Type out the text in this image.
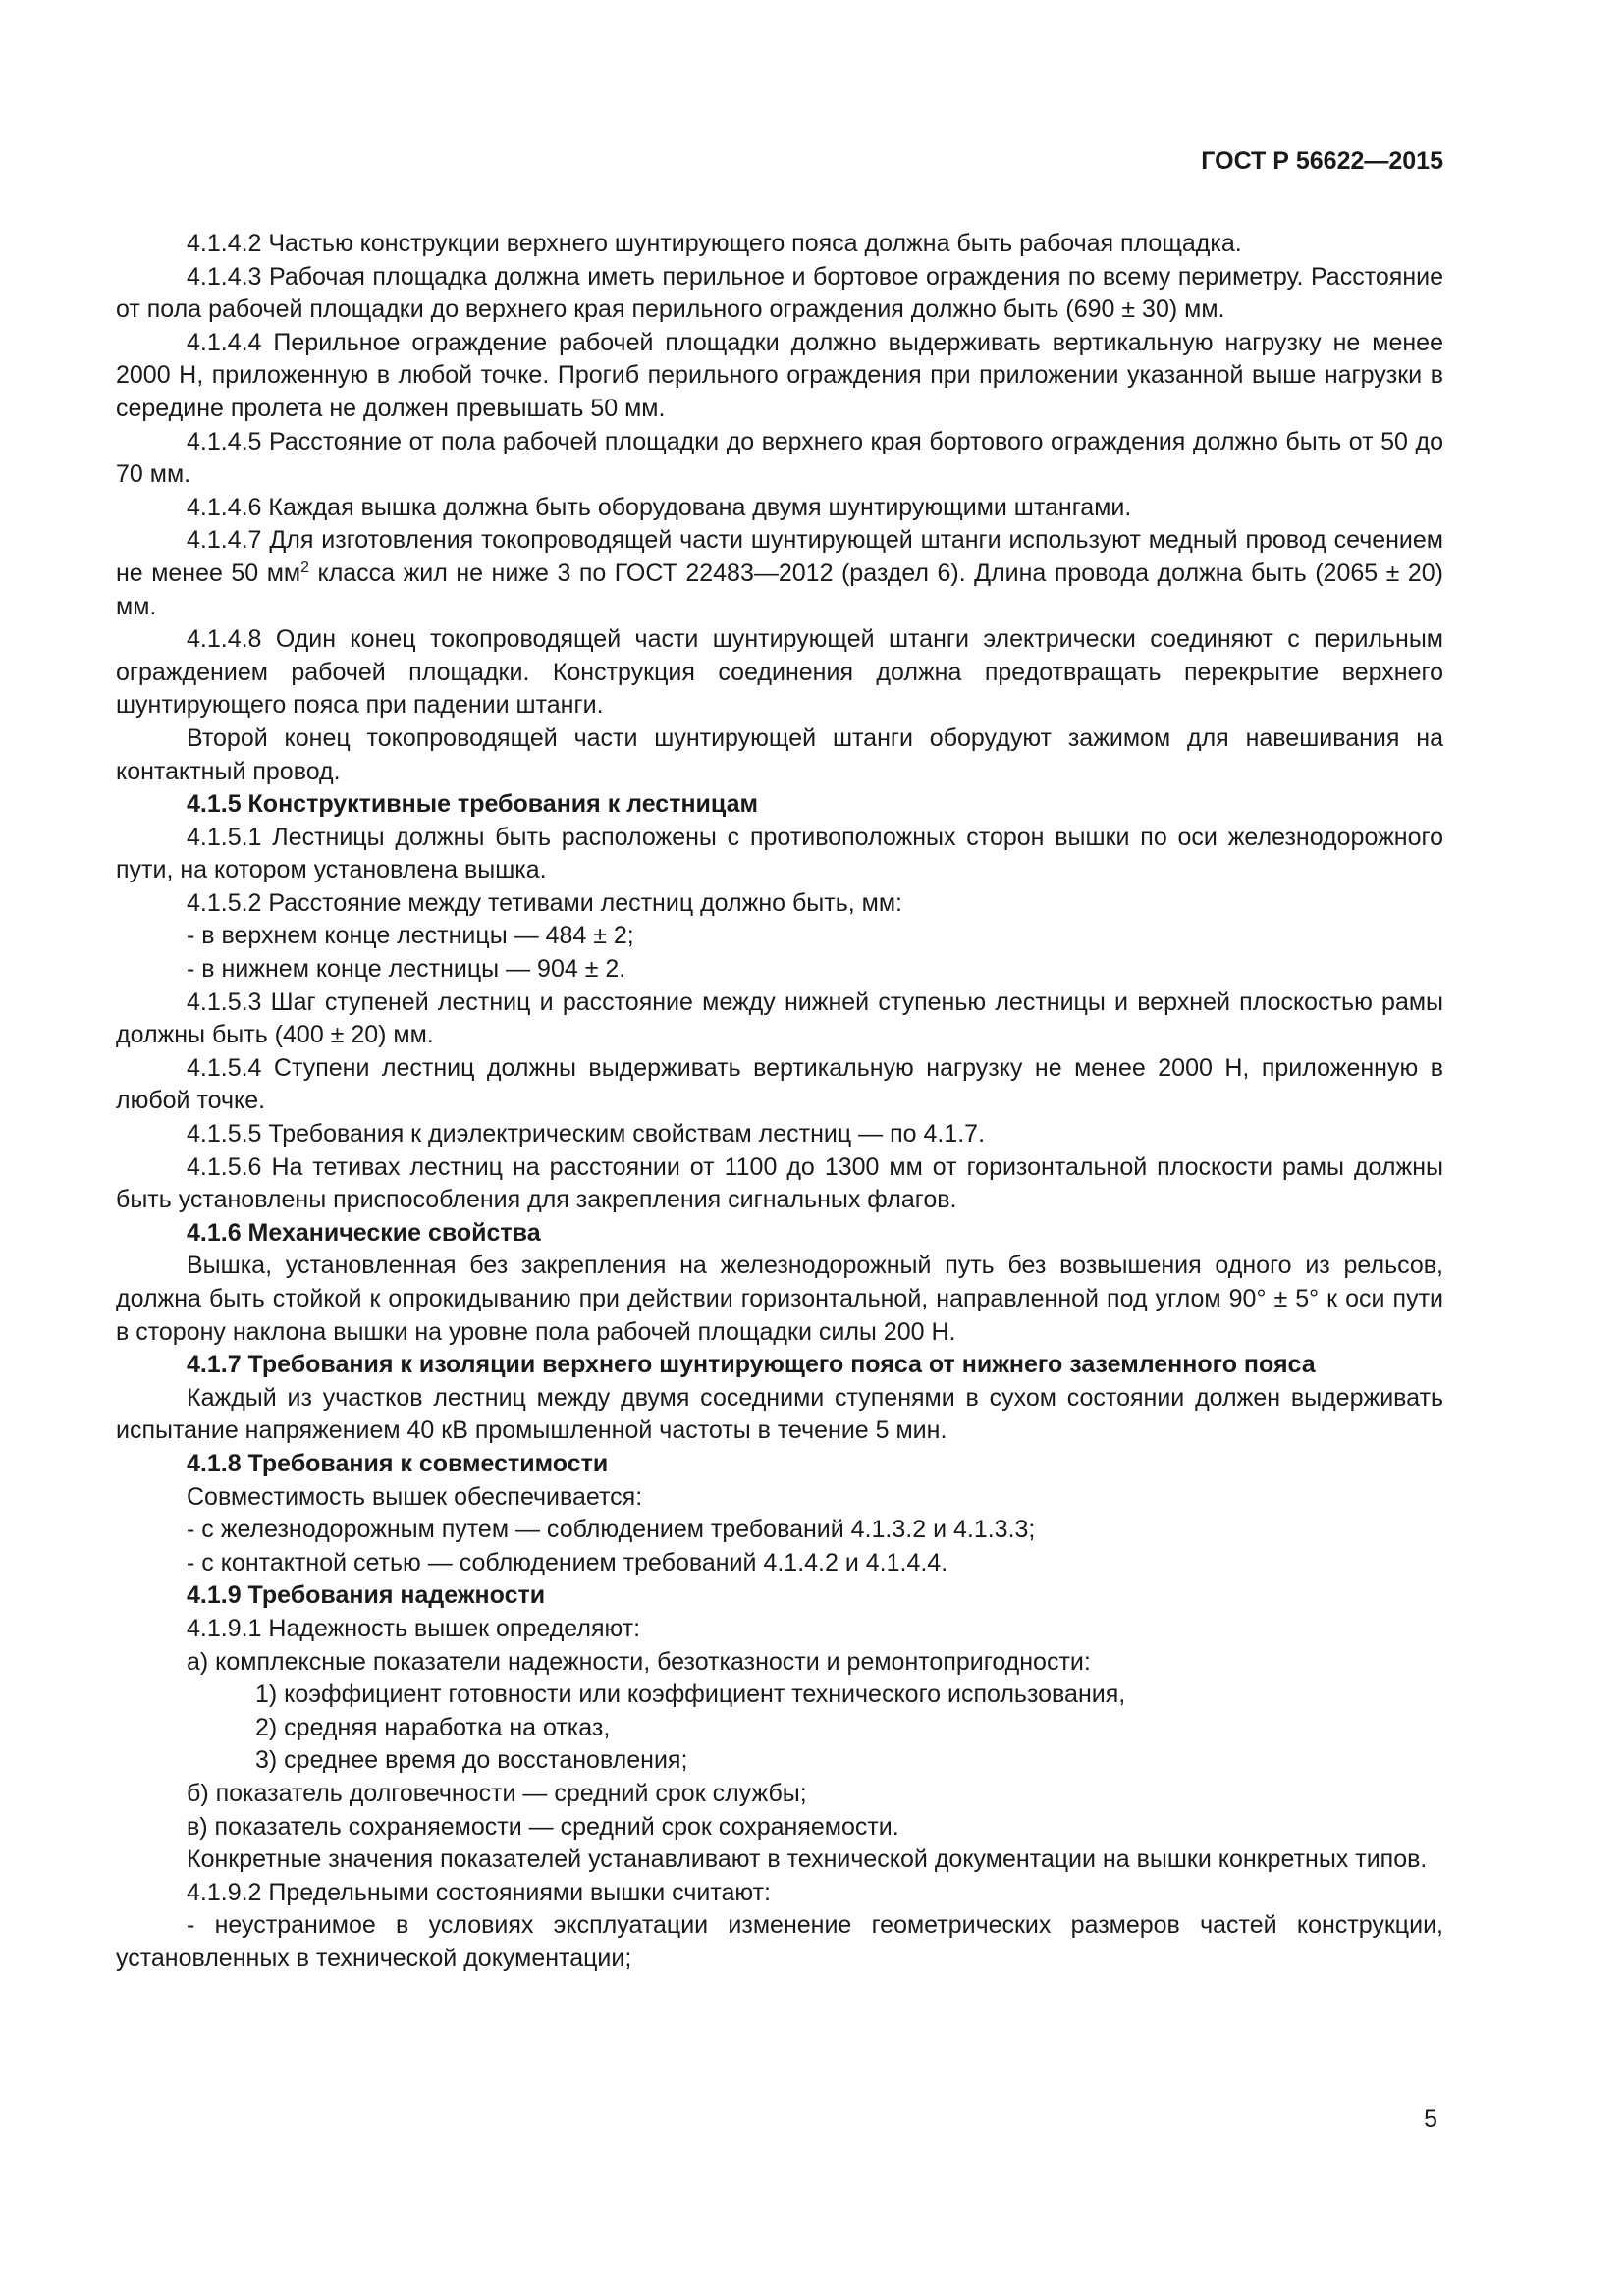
ГОСТ Р 56622—2015

4.1.4.2 Частью конструкции верхнего шунтирующего пояса должна быть рабочая площадка.

4.1.4.3 Рабочая площадка должна иметь перильное и бортовое ограждения по всему периметру. Расстояние от пола рабочей площадки до верхнего края перильного ограждения должно быть (690 ± 30) мм.

4.1.4.4 Перильное ограждение рабочей площадки должно выдерживать вертикальную нагрузку не менее 2000 Н, приложенную в любой точке. Прогиб перильного ограждения при приложении указанной выше нагрузки в середине пролета не должен превышать 50 мм.

4.1.4.5 Расстояние от пола рабочей площадки до верхнего края бортового ограждения должно быть от 50 до 70 мм.

4.1.4.6 Каждая вышка должна быть оборудована двумя шунтирующими штангами.

4.1.4.7 Для изготовления токопроводящей части шунтирующей штанги используют медный провод сечением не менее 50 $мм^2$ класса жил не ниже 3 по ГОСТ 22483—2012 (раздел 6). Длина провода должна быть (2065 ± 20) мм.

4.1.4.8 Один конец токопроводящей части шунтирующей штанги электрически соединяют с перильным ограждением рабочей площадки. Конструкция соединения должна предотвращать перекрытие верхнего шунтирующего пояса при падении штанги.

Второй конец токопроводящей части шунтирующей штанги оборудуют зажимом для навешивания на контактный провод.

4.1.5 Конструктивные требования к лестницам

4.1.5.1 Лестницы должны быть расположены с противоположных сторон вышки по оси железнодорожного пути, на котором установлена вышка.

4.1.5.2 Расстояние между тетивами лестниц должно быть, мм:

- в верхнем конце лестницы — 484 ± 2;

- в нижнем конце лестницы — 904 ± 2.

4.1.5.3 Шаг ступеней лестниц и расстояние между нижней ступенью лестницы и верхней плоскостью рамы должны быть (400 ± 20) мм.

4.1.5.4 Ступени лестниц должны выдерживать вертикальную нагрузку не менее 2000 Н, приложенную в любой точке.

4.1.5.5 Требования к диэлектрическим свойствам лестниц — по 4.1.7.

4.1.5.6 На тетивах лестниц на расстоянии от 1100 до 1300 мм от горизонтальной плоскости рамы должны быть установлены приспособления для закрепления сигнальных флагов.

4.1.6 Механические свойства

Вышка, установленная без закрепления на железнодорожный путь без возвышения одного из рельсов, должна быть стойкой к опрокидыванию при действии горизонтальной, направленной под углом 90° ± 5° к оси пути в сторону наклона вышки на уровне пола рабочей площадки силы 200 Н.

4.1.7 Требования к изоляции верхнего шунтирующего пояса от нижнего заземленного пояса

Каждый из участков лестниц между двумя соседними ступенями в сухом состоянии должен выдерживать испытание напряжением 40 кВ промышленной частоты в течение 5 мин.

4.1.8 Требования к совместимости

Совместимость вышек обеспечивается:

- с железнодорожным путем — соблюдением требований 4.1.3.2 и 4.1.3.3;

- с контактной сетью — соблюдением требований 4.1.4.2 и 4.1.4.4.

4.1.9 Требования надежности

4.1.9.1 Надежность вышек определяют:

а) комплексные показатели надежности, безотказности и ремонтопригодности:

1) коэффициент готовности или коэффициент технического использования,

2) средняя наработка на отказ,

3) среднее время до восстановления;

б) показатель долговечности — средний срок службы;

в) показатель сохраняемости — средний срок сохраняемости.

Конкретные значения показателей устанавливают в технической документации на вышки конкретных типов.

4.1.9.2 Предельными состояниями вышки считают:

- неустранимое в условиях эксплуатации изменение геометрических размеров частей конструкции, установленных в технической документации;

5
